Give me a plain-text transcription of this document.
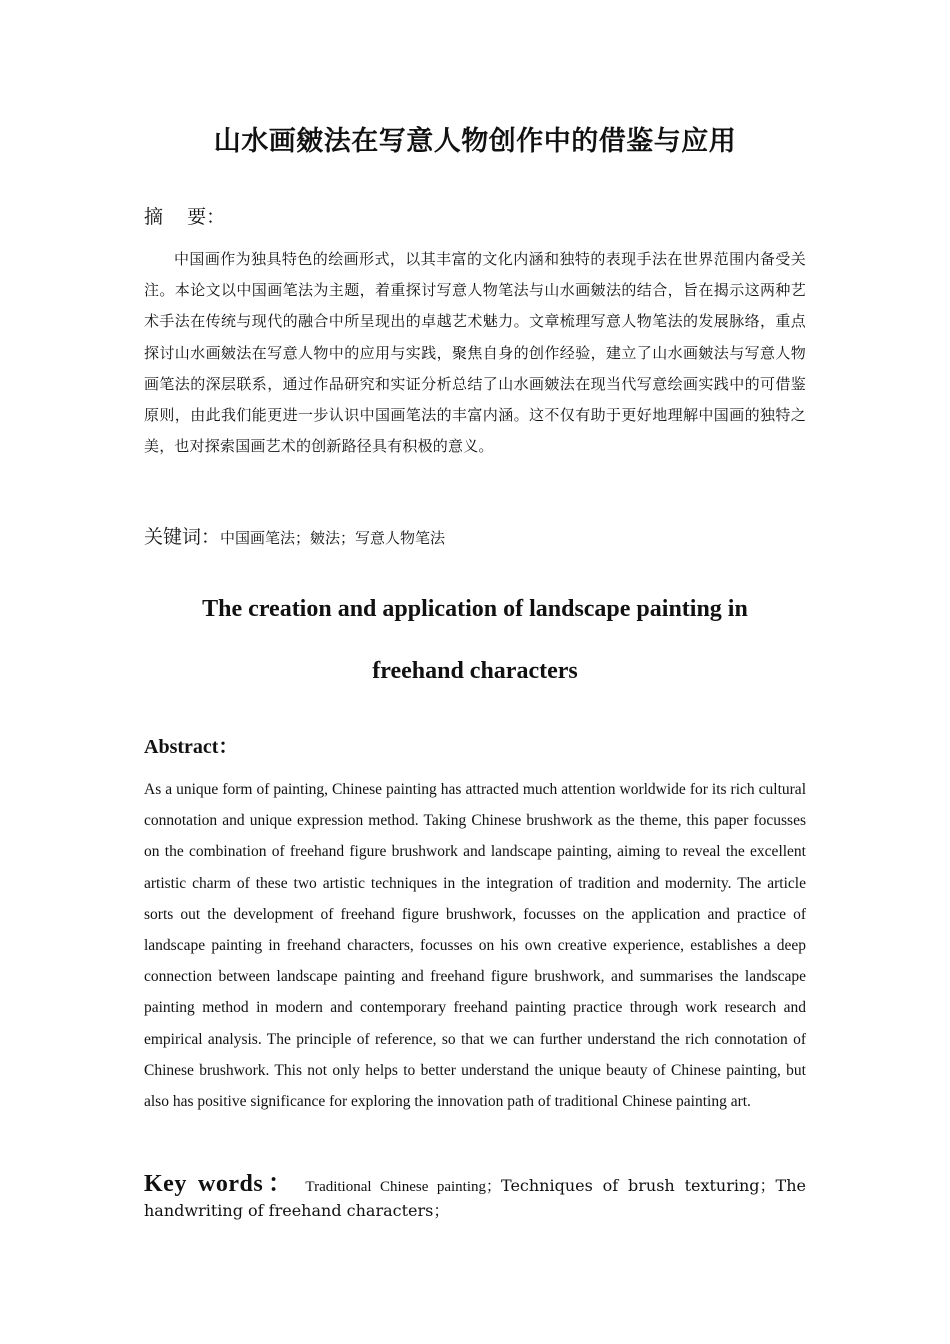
山水画皴法在写意人物创作中的借鉴与应用
摘    要：

中国画作为独具特色的绘画形式，以其丰富的文化内涵和独特的表现手法在世界范围内备受关注。本论文以中国画笔法为主题，着重探讨写意人物笔法与山水画皴法的结合，旨在揭示这两种艺术手法在传统与现代的融合中所呈现出的卓越艺术魅力。文章梳理写意人物笔法的发展脉络，重点探讨山水画皴法在写意人物中的应用与实践，聚焦自身的创作经验，建立了山水画皴法与写意人物画笔法的深层联系，通过作品研究和实证分析总结了山水画皴法在现当代写意绘画实践中的可借鉴原则，由此我们能更进一步认识中国画笔法的丰富内涵。这不仅有助于更好地理解中国画的独特之美，也对探索国画艺术的创新路径具有积极的意义。

关键词：中国画笔法；皴法；写意人物笔法

The creation and application of landscape painting in
freehand characters
Abstract：

As a unique form of painting, Chinese painting has attracted much attention worldwide for its rich cultural connotation and unique expression method. Taking Chinese brushwork as the theme, this paper focusses on the combination of freehand figure brushwork and landscape painting, aiming to reveal the excellent artistic charm of these two artistic techniques in the integration of tradition and modernity. The article sorts out the development of freehand figure brushwork, focusses on the application and practice of landscape painting in freehand characters, focusses on his own creative experience, establishes a deep connection between landscape painting and freehand figure brushwork, and summarises the landscape painting method in modern and contemporary freehand painting practice through work research and empirical analysis. The principle of reference, so that we can further understand the rich connotation of Chinese brushwork. This not only helps to better understand the unique beauty of Chinese painting, but also has positive significance for exploring the innovation path of traditional Chinese painting art.

Key words： Traditional Chinese painting；Techniques of brush texturing；The handwriting of freehand characters；
